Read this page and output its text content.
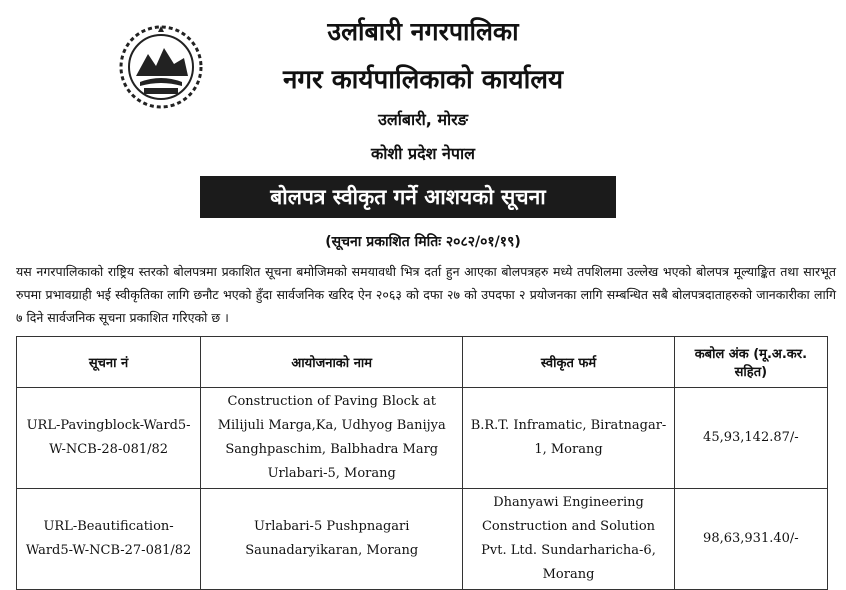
उर्लाबारी नगरपालिका
नगर कार्यपालिकाको कार्यालय
उर्लाबारी, मोरङ
कोशी प्रदेश नेपाल
बोलपत्र स्वीकृत गर्ने आशयको सूचना
(सूचना प्रकाशित मितिः २०८२/०१/१९)
यस नगरपालिकाको राष्ट्रिय स्तरको बोलपत्रमा प्रकाशित सूचना बमोजिमको समयावधी भित्र दर्ता हुन आएका बोलपत्रहरु मध्ये तपशिलमा उल्लेख भएको बोलपत्र मूल्याङ्कित तथा सारभूत रुपमा प्रभावग्राही भई स्वीकृतिका लागि छनौट भएको हुँदा सार्वजनिक खरिद ऐन २०६३ को दफा २७ को उपदफा २ प्रयोजनका लागि सम्बन्धित सबै बोलपत्रदाताहरुको जानकारीका लागि ७ दिने सार्वजनिक सूचना प्रकाशित गरिएको छ ।
सूचना नं	आयोजनाको नाम	स्वीकृत फर्म	कबोल अंक (मू.अ.कर. सहित)
URL-Pavingblock-Ward5-W-NCB-28-081/82	Construction of Paving Block at Milijuli Marga,Ka, Udhyog Banijya Sanghpaschim, Balbhadra Marg Urlabari-5, Morang	B.R.T. Inframatic, Biratnagar-1, Morang	45,93,142.87/-
URL-Beautification-Ward5-W-NCB-27-081/82	Urlabari-5 Pushpnagari Saunadaryikaran, Morang	Dhanyawi Engineering Construction and Solution Pvt. Ltd. Sundarharicha-6, Morang	98,63,931.40/-
